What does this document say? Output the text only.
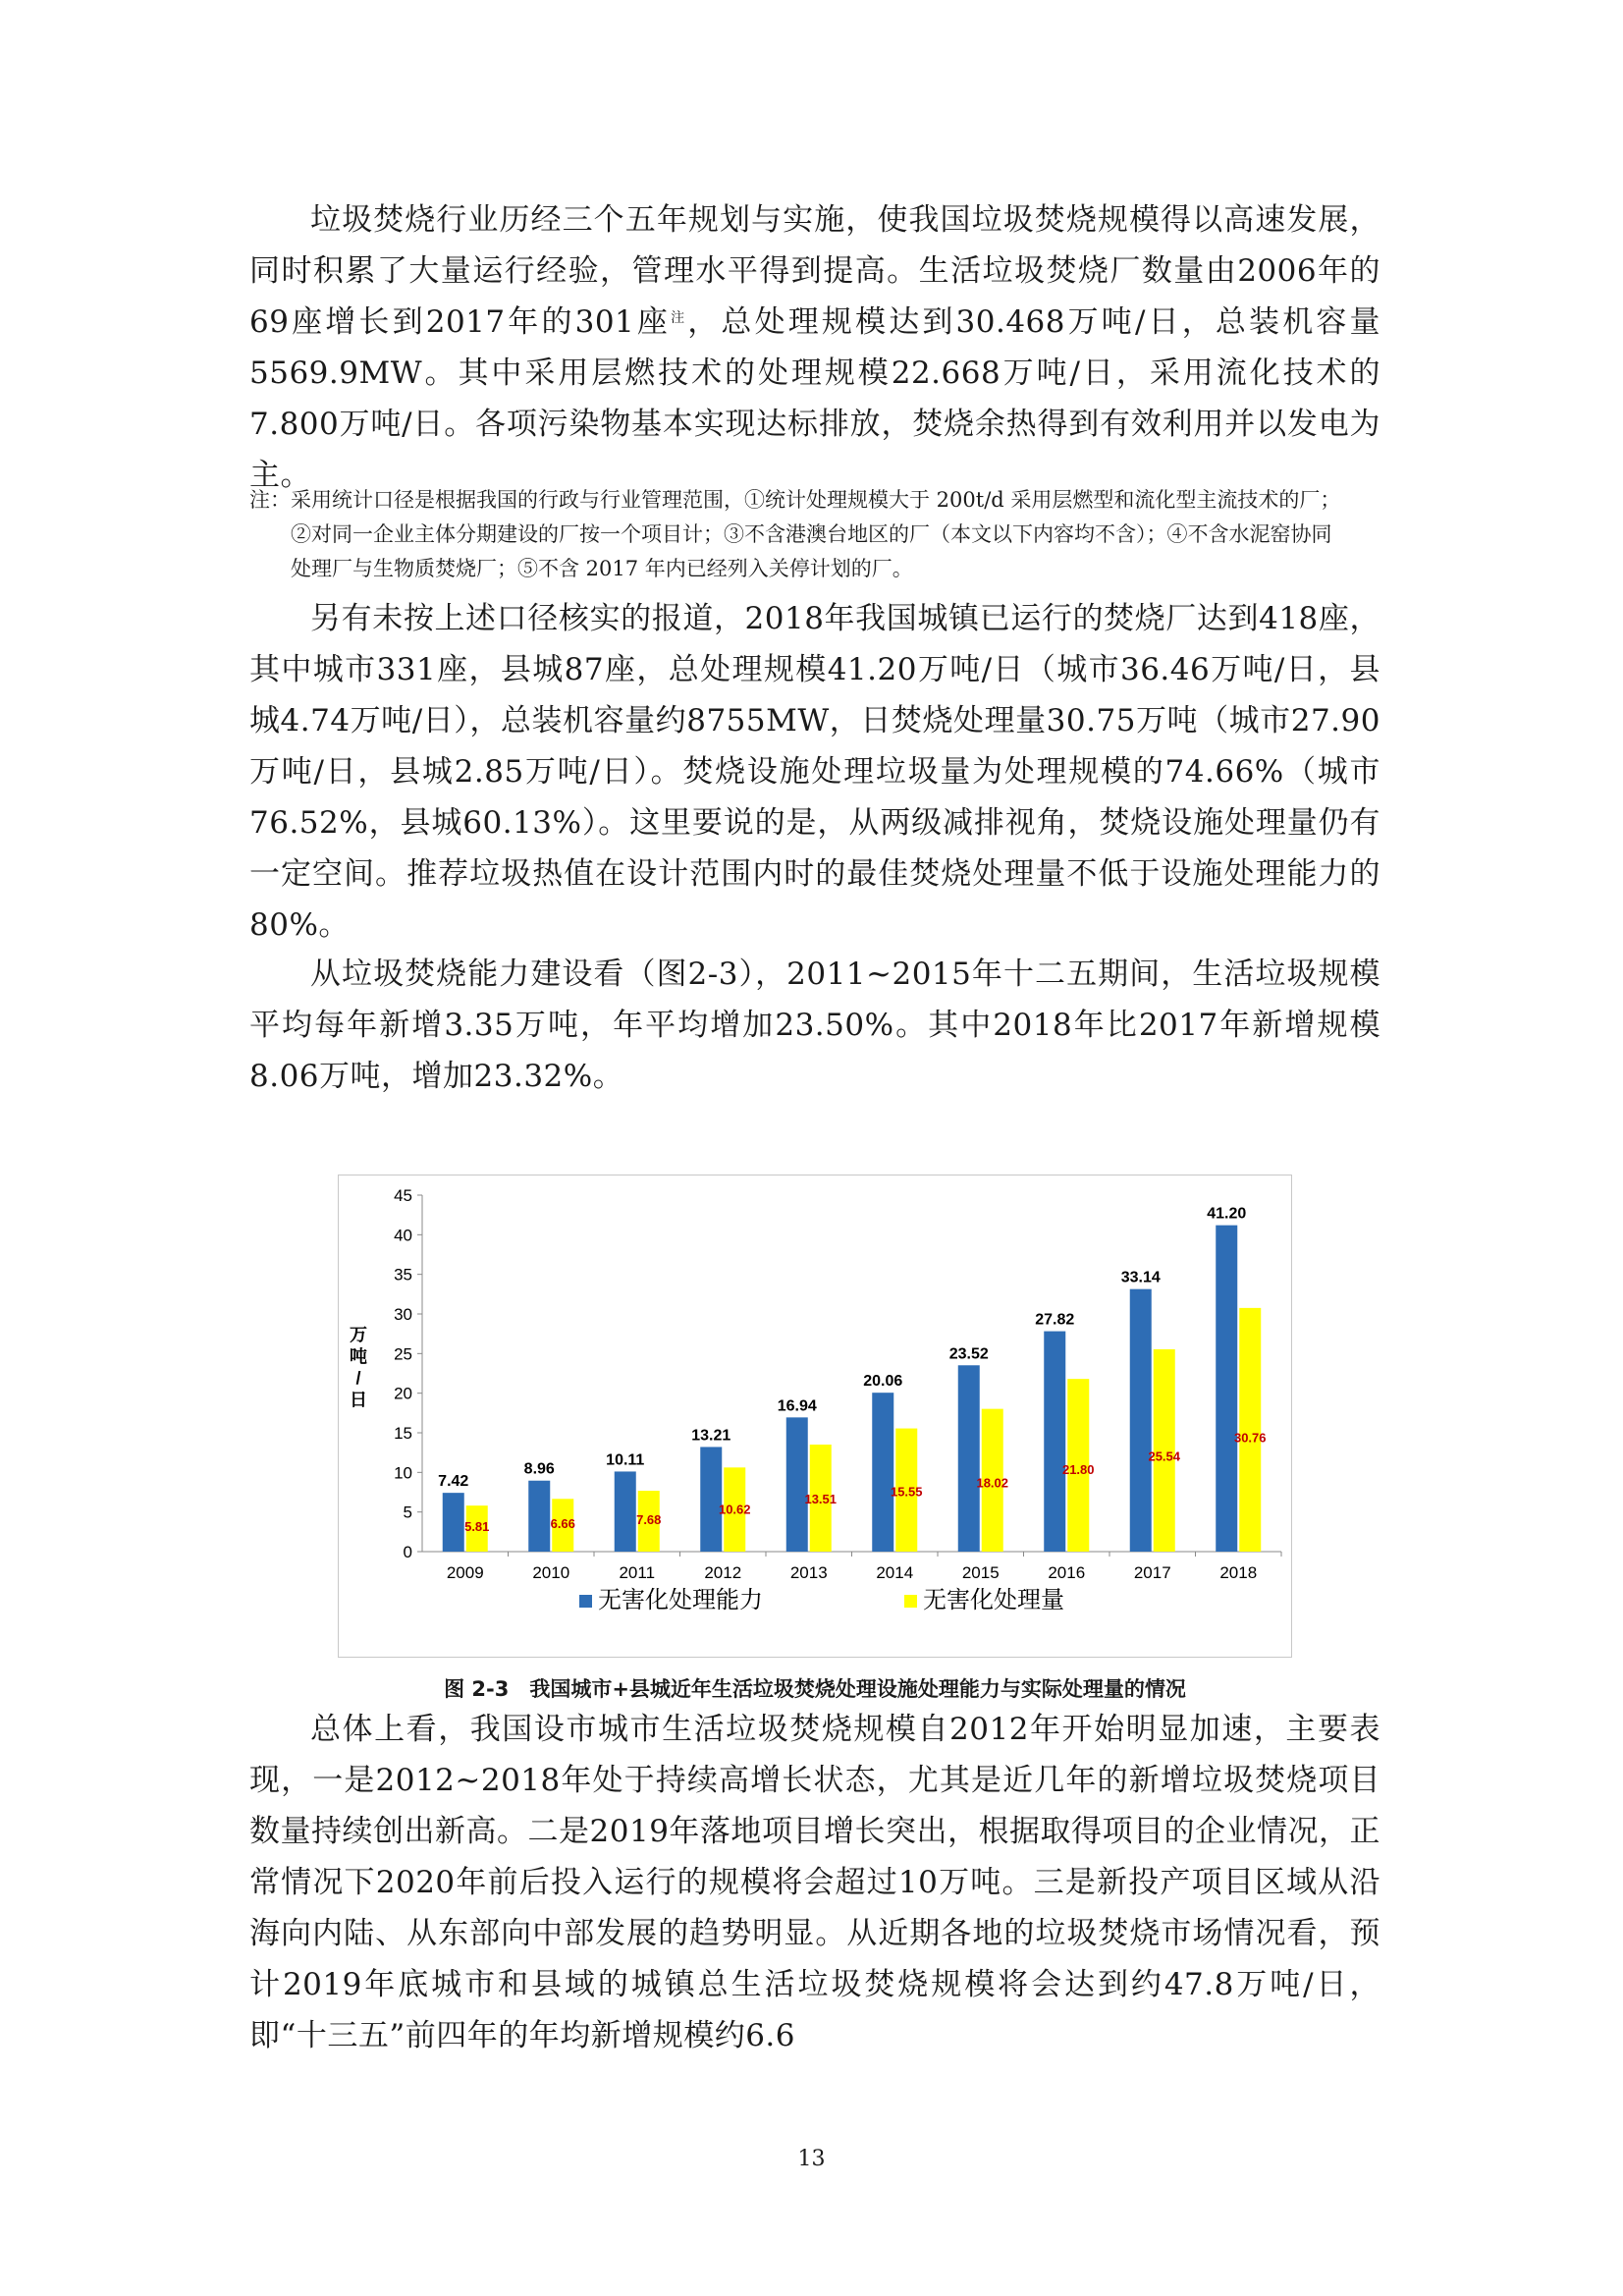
垃圾焚烧行业历经三个五年规划与实施，使我国垃圾焚烧规模得以高速发展，同时积累了大量运行经验，管理水平得到提高。生活垃圾焚烧厂数量由2006年的69座增长到2017年的301座$^注$，总处理规模达到30.468万吨/日，总装机容量5569.9MW。其中采用层燃技术的处理规模22.668万吨/日，采用流化技术的7.800万吨/日。各项污染物基本实现达标排放，焚烧余热得到有效利用并以发电为主。

注：采用统计口径是根据我国的行政与行业管理范围，①统计处理规模大于 200t/d 采用层燃型和流化型主流技术的厂；
②对同一企业主体分期建设的厂按一个项目计；③不含港澳台地区的厂（本文以下内容均不含）；④不含水泥窑协同
处理厂与生物质焚烧厂；⑤不含 2017 年内已经列入关停计划的厂。

另有未按上述口径核实的报道，2018年我国城镇已运行的焚烧厂达到418座，其中城市331座，县城87座，总处理规模41.20万吨/日（城市36.46万吨/日，县城4.74万吨/日），总装机容量约8755MW，日焚烧处理量30.75万吨（城市27.90万吨/日，县城2.85万吨/日）。焚烧设施处理垃圾量为处理规模的74.66%（城市76.52%，县城60.13%）。这里要说的是，从两级减排视角，焚烧设施处理量仍有一定空间。推荐垃圾热值在设计范围内时的最佳焚烧处理量不低于设施处理能力的80%。

从垃圾焚烧能力建设看（图2-3），2011~2015年十二五期间，生活垃圾规模平均每年新增3.35万吨，年平均增加23.50%。其中2018年比2017年新增规模8.06万吨，增加23.32%。

0
5
10
15
20
25
30
35
40
45
万
吨
/
日
2009
7.42
5.81
2010
8.96
6.66
2011
10.11
7.68
2012
13.21
10.62
2013
16.94
13.51
2014
20.06
15.55
2015
23.52
18.02
2016
27.82
21.80
2017
33.14
25.54
2018
41.20
30.76
无害化处理能力	无害化处理量
图 2-3　我国城市+县城近年生活垃圾焚烧处理设施处理能力与实际处理量的情况

总体上看，我国设市城市生活垃圾焚烧规模自2012年开始明显加速，主要表现，一是2012~2018年处于持续高增长状态，尤其是近几年的新增垃圾焚烧项目数量持续创出新高。二是2019年落地项目增长突出，根据取得项目的企业情况，正常情况下2020年前后投入运行的规模将会超过10万吨。三是新投产项目区域从沿海向内陆、从东部向中部发展的趋势明显。从近期各地的垃圾焚烧市场情况看，预计2019年底城市和县域的城镇总生活垃圾焚烧规模将会达到约47.8万吨/日，即“十三五”前四年的年均新增规模约6.6

13
